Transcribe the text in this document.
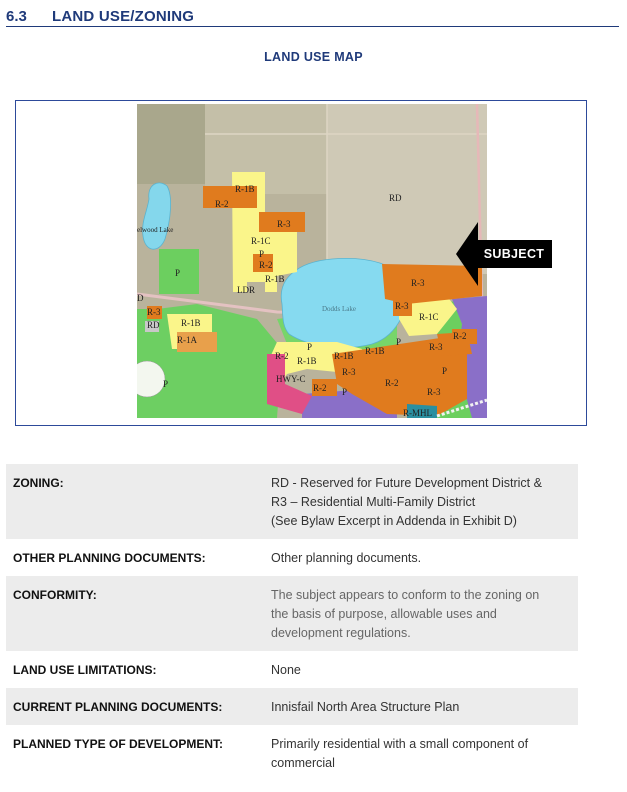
6.3 LAND USE/ZONING
LAND USE MAP
R-1B
R-2
R-3
R-1C
P
R-2
R-1B
LDR
RD
R-3
elwood Lake
P
Dodds Lake	R-3
R-1C
D
R-3
RD R-1B
R-1A
P
R-2
P
R-1B R-1B R-1B
P
R-3
R-2
HWY-C
R-2 P
R-2
R-3
P
R-3
R-MHL
SUBJECT
ZONING:	RD - Reserved for Future Development District &
R3 – Residential Multi-Family District
(See Bylaw Excerpt in Addenda in Exhibit D)

OTHER PLANNING DOCUMENTS:	Other planning documents.

CONFORMITY:	The subject appears to conform to the zoning on
the basis of purpose, allowable uses and
development regulations.

LAND USE LIMITATIONS:	None

CURRENT PLANNING DOCUMENTS:	Innisfail North Area Structure Plan

PLANNED TYPE OF DEVELOPMENT:	Primarily residential with a small component of
commercial
